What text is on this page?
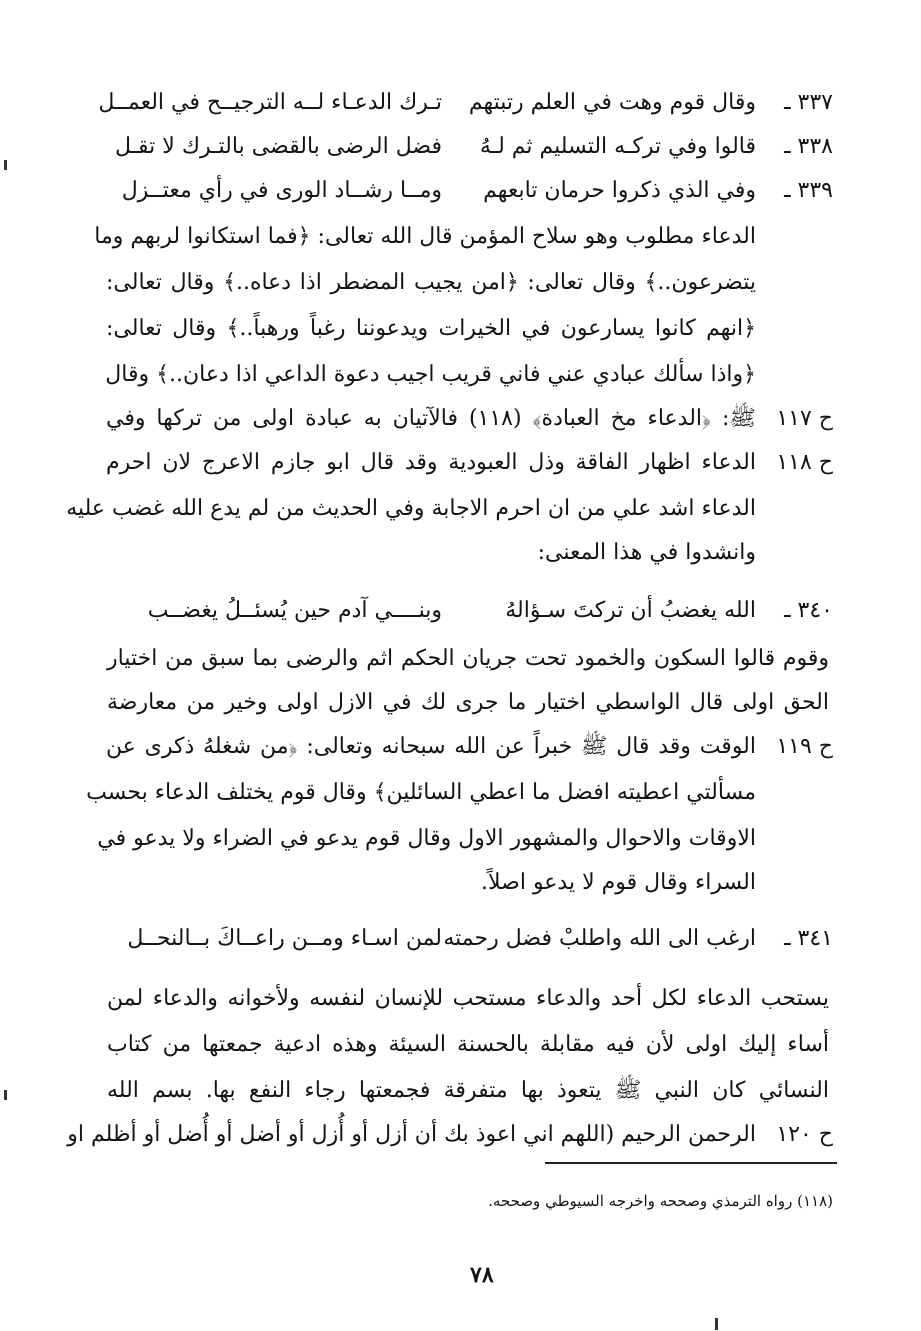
٣٣٧ ـ
وقال قوم وهت في العلم رتبتهم
تـرك الدعـاء لــه الترجيــح في العمــل
٣٣٨ ـ
قالوا وفي تركـه التسليم ثم لـهُ
فضل الرضى بالقضى بالتـرك لا تقـل
٣٣٩ ـ
وفي الذي ذكروا حرمان تابعهم
ومــا رشــاد الورى في رأي معتــزل
الدعاء مطلوب وهو سلاح المؤمن قال الله تعالى: ﴿فما استكانوا لربهم وما
يتضرعون..﴾ وقال تعالى: ﴿امن يجيب المضطر اذا دعاه..﴾ وقال تعالى:
﴿انهم كانوا يسارعون في الخيرات ويدعوننا رغباً ورهباً..﴾ وقال تعالى:
﴿واذا سألك عبادي عني فاني قريب اجيب دعوة الداعي اذا دعان..﴾ وقال
ح ١١٧
ﷺ: ﴿الدعاء مخ العبادة﴾ (١١٨) فالآتيان به عبادة اولى من تركها وفي
ح ١١٨
الدعاء اظهار الفاقة وذل العبودية وقد قال ابو جازم الاعرج لان احرم
الدعاء اشد علي من ان احرم الاجابة وفي الحديث من لم يدع الله غضب عليه
وانشدوا في هذا المعنى:
٣٤٠ ـ
الله يغضبُ أن تركتَ سـؤالهُ
وبنــــي آدم حين يُسئــلُ يغضــب
وقوم قالوا السكون والخمود تحت جريان الحكم اثم والرضى بما سبق من اختيار
الحق اولى قال الواسطي اختيار ما جرى لك في الازل اولى وخير من معارضة
ح ١١٩
الوقت وقد قال ﷺ خبراً عن الله سبحانه وتعالى: ﴿من شغلهُ ذكرى عن
مسألتي اعطيته افضل ما اعطي السائلين﴾ وقال قوم يختلف الدعاء بحسب
الاوقات والاحوال والمشهور الاول وقال قوم يدعو في الضراء ولا يدعو في
السراء وقال قوم لا يدعو اصلاً.
٣٤١ ـ
ارغب الى الله واطلبْ فضل رحمته
لمن اسـاء ومــن راعــاكَ بــالنحــل
يستحب الدعاء لكل أحد والدعاء مستحب للإنسان لنفسه ولأخوانه والدعاء لمن
أساء إليك اولى لأن فيه مقابلة بالحسنة السيئة وهذه ادعية جمعتها من كتاب
النسائي كان النبي ﷺ يتعوذ بها متفرقة فجمعتها رجاء النفع بها. بسم الله
ح ١٢٠
الرحمن الرحيم (اللهم اني اعوذ بك أن أزل أو أُزل أو أضل أو أُضل أو أظلم او
(١١٨) رواه الترمذي وصححه واخرجه السيوطي وصححه.
٧٨
